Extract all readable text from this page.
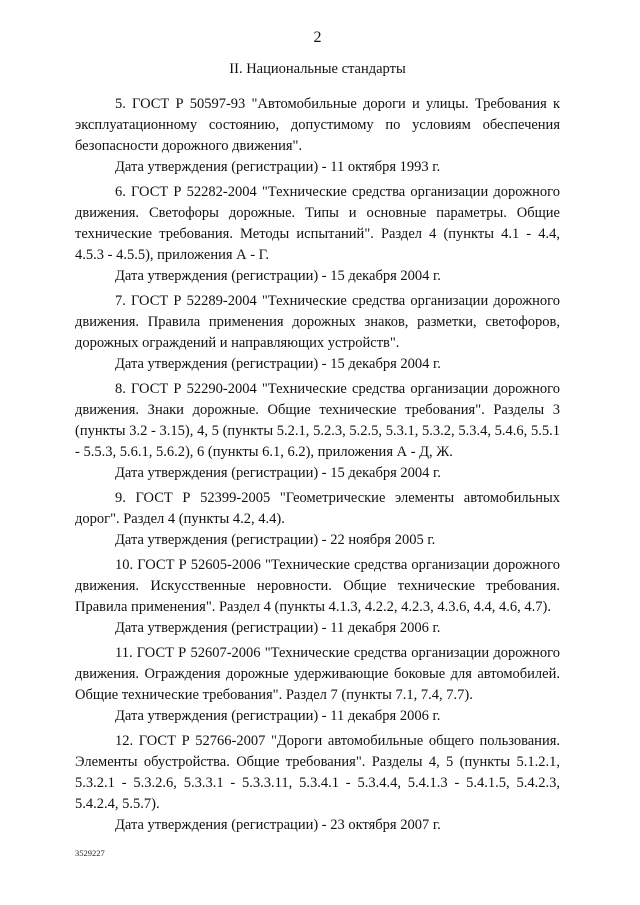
2

II. Национальные стандарты

5. ГОСТ Р 50597-93 "Автомобильные дороги и улицы. Требования к эксплуатационному состоянию, допустимому по условиям обеспечения безопасности дорожного движения".

Дата утверждения (регистрации) - 11 октября 1993 г.

6. ГОСТ Р 52282-2004 "Технические средства организации дорожного движения. Светофоры дорожные. Типы и основные параметры. Общие технические требования. Методы испытаний". Раздел 4 (пункты 4.1 - 4.4, 4.5.3 - 4.5.5), приложения А - Г.

Дата утверждения (регистрации) - 15 декабря 2004 г.

7. ГОСТ Р 52289-2004 "Технические средства организации дорожного движения. Правила применения дорожных знаков, разметки, светофоров, дорожных ограждений и направляющих устройств".

Дата утверждения (регистрации) - 15 декабря 2004 г.

8. ГОСТ Р 52290-2004 "Технические средства организации дорожного движения. Знаки дорожные. Общие технические требования". Разделы 3 (пункты 3.2 - 3.15), 4, 5 (пункты 5.2.1, 5.2.3, 5.2.5, 5.3.1, 5.3.2, 5.3.4, 5.4.6, 5.5.1 - 5.5.3, 5.6.1, 5.6.2), 6 (пункты 6.1, 6.2), приложения А - Д, Ж.

Дата утверждения (регистрации) - 15 декабря 2004 г.

9. ГОСТ Р 52399-2005 "Геометрические элементы автомобильных дорог". Раздел 4 (пункты 4.2, 4.4).

Дата утверждения (регистрации) - 22 ноября 2005 г.

10. ГОСТ Р 52605-2006 "Технические средства организации дорожного движения. Искусственные неровности. Общие технические требования. Правила применения". Раздел 4 (пункты 4.1.3, 4.2.2, 4.2.3, 4.3.6, 4.4, 4.6, 4.7).

Дата утверждения (регистрации) - 11 декабря 2006 г.

11. ГОСТ Р 52607-2006 "Технические средства организации дорожного движения. Ограждения дорожные удерживающие боковые для автомобилей. Общие технические требования". Раздел 7 (пункты 7.1, 7.4, 7.7).

Дата утверждения (регистрации) - 11 декабря 2006 г.

12. ГОСТ Р 52766-2007 "Дороги автомобильные общего пользования. Элементы обустройства. Общие требования". Разделы 4, 5 (пункты 5.1.2.1, 5.3.2.1 - 5.3.2.6, 5.3.3.1 - 5.3.3.11, 5.3.4.1 - 5.3.4.4, 5.4.1.3 - 5.4.1.5, 5.4.2.3, 5.4.2.4, 5.5.7).

Дата утверждения (регистрации) - 23 октября 2007 г.

3529227
